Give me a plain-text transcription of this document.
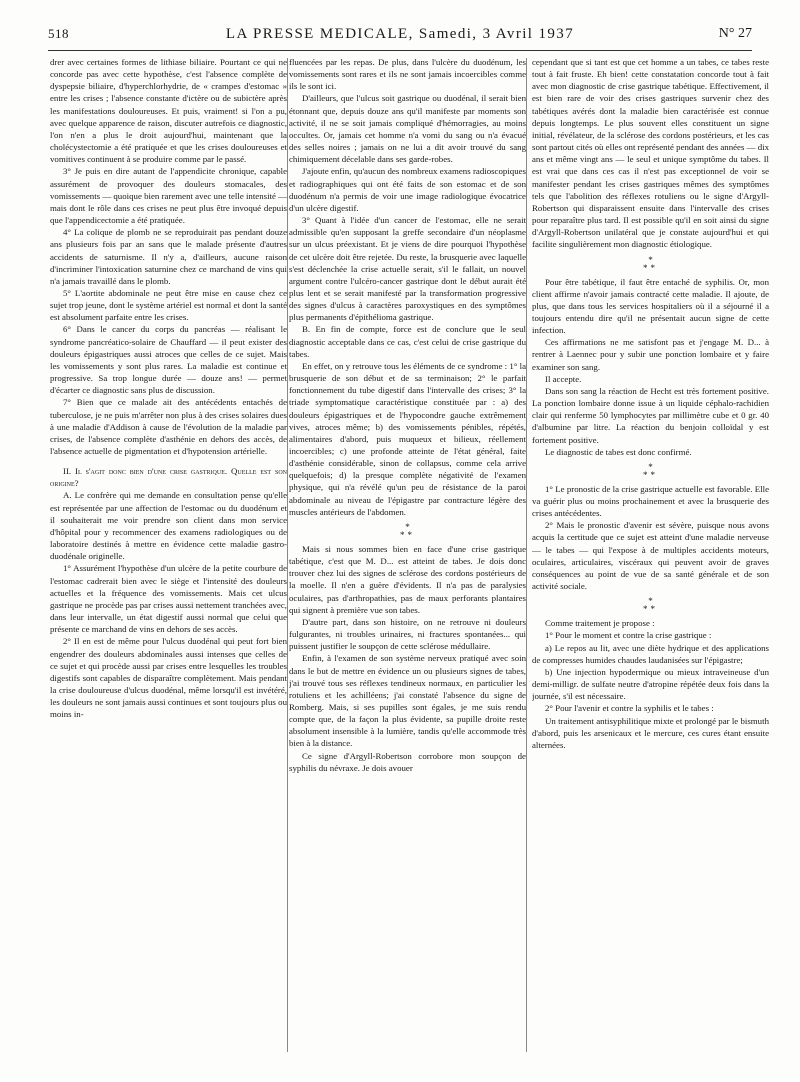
518	LA PRESSE MEDICALE, Samedi, 3 Avril 1937	N° 27

drer avec certaines formes de lithiase biliaire. Pourtant ce qui ne concorde pas avec cette hypothèse, c'est l'absence complète de dyspepsie biliaire, d'hyperchlorhydrie, de « crampes d'estomac » entre les crises ; l'absence constante d'ictère ou de subictère après les manifestations douloureuses. Et puis, vraiment! si l'on a pu, avec quelque apparence de raison, discuter autrefois ce diagnostic, l'on n'en a plus le droit aujourd'hui, maintenant que la cholécystectomie a été pratiquée et que les crises douloureuses et vomitives continuent à se produire comme par le passé.

3° Je puis en dire autant de l'appendicite chronique, capable assurément de provoquer des douleurs stomacales, des vomissements — quoique bien rarement avec une telle intensité — mais dont le rôle dans ces crises ne peut plus être invoqué depuis que l'appendicectomie a été pratiquée.

4° La colique de plomb ne se reproduirait pas pendant douze ans plusieurs fois par an sans que le malade présente d'autres accidents de saturnisme. Il n'y a, d'ailleurs, aucune raison d'incriminer l'intoxication saturnine chez ce marchand de vins qui n'a jamais travaillé dans le plomb.

5° L'aortite abdominale ne peut être mise en cause chez ce sujet trop jeune, dont le système artériel est normal et dont la santé est absolument parfaite entre les crises.

6° Dans le cancer du corps du pancréas — réalisant le syndrome pancréatico-solaire de Chauffard — il peut exister des douleurs épigastriques aussi atroces que celles de ce sujet. Mais les vomissements y sont plus rares. La maladie est continue et progressive. Sa trop longue durée — douze ans! — permet d'écarter ce diagnostic sans plus de discussion.

7° Bien que ce malade ait des antécédents entachés de tuberculose, je ne puis m'arrêter non plus à des crises solaires dues à une maladie d'Addison à cause de l'évolution de la maladie par crises, de l'absence complète d'asthénie en dehors des accès, de l'absence actuelle de pigmentation et d'hypotension artérielle.

II. Il s'agit donc bien d'une crise gastrique. Quelle est son origine?

A. Le confrère qui me demande en consultation pense qu'elle est représentée par une affection de l'estomac ou du duodénum et il souhaiterait me voir prendre son client dans mon service d'hôpital pour y recommencer des examens radiologiques ou de laboratoire destinés à mettre en évidence cette maladie gastro-duodénale originelle.

1° Assurément l'hypothèse d'un ulcère de la petite courbure de l'estomac cadrerait bien avec le siège et l'intensité des douleurs actuelles et la fréquence des vomissements. Mais cet ulcus gastrique ne procède pas par crises aussi nettement tranchées avec, dans leur intervalle, un état digestif aussi normal que celui que présente ce marchand de vins en dehors de ses accès.

2° Il en est de même pour l'ulcus duodénal qui peut fort bien engendrer des douleurs abdominales aussi intenses que celles de ce sujet et qui procède aussi par crises entre lesquelles les troubles digestifs sont capables de disparaître complètement. Mais pendant la crise douloureuse d'ulcus duodénal, même lorsqu'il est invétéré, les douleurs ne sont jamais aussi continues et sont toujours plus ou moins in-

fluencées par les repas. De plus, dans l'ulcère du duodénum, les vomissements sont rares et ils ne sont jamais incoercibles comme ils le sont ici.

D'ailleurs, que l'ulcus soit gastrique ou duodénal, il serait bien étonnant que, depuis douze ans qu'il manifeste par moments son activité, il ne se soit jamais compliqué d'hémorragies, au moins occultes. Or, jamais cet homme n'a vomi du sang ou n'a évacué des selles noires ; jamais on ne lui a dit avoir trouvé du sang chimiquement décelable dans ses garde-robes.

J'ajoute enfin, qu'aucun des nombreux examens radioscopiques et radiographiques qui ont été faits de son estomac et de son duodénum n'a permis de voir une image radiologique évocatrice d'un ulcère digestif.

3° Quant à l'idée d'un cancer de l'estomac, elle ne serait admissible qu'en supposant la greffe secondaire d'un néoplasme sur un ulcus préexistant. Et je viens de dire pourquoi l'hypothèse de cet ulcère doit être rejetée. Du reste, la brusquerie avec laquelle s'est déclenchée la crise actuelle serait, s'il le fallait, un nouvel argument contre l'ulcéro-cancer gastrique dont le début aurait été plus lent et se serait manifesté par la transformation progressive des signes d'ulcus à caractères paroxystiques en des symptômes plus permanents d'épithélioma gastrique.

B. En fin de compte, force est de conclure que le seul diagnostic acceptable dans ce cas, c'est celui de crise gastrique du tabes.

En effet, on y retrouve tous les éléments de ce syndrome : 1° la brusquerie de son début et de sa terminaison; 2° le parfait fonctionnement du tube digestif dans l'intervalle des crises; 3° la triade symptomatique caractéristique constituée par : a) des douleurs épigastriques et de l'hypocondre gauche extrêmement vives, atroces même; b) des vomissements pénibles, répétés, alimentaires d'abord, puis muqueux et bilieux, réellement incoercibles; c) une profonde atteinte de l'état général, faite d'asthénie considérable, sinon de collapsus, comme cela arrive quelquefois; d) la presque complète négativité de l'examen physique, qui n'a révélé qu'un peu de résistance de la paroi abdominale au niveau de l'épigastre par contracture légère des muscles antérieurs de l'abdomen.

*
**

Mais si nous sommes bien en face d'une crise gastrique tabétique, c'est que M. D... est atteint de tabes. Je dois donc trouver chez lui des signes de sclérose des cordons postérieurs de la moelle. Il n'en a guère d'évidents. Il n'a pas de paralysies oculaires, pas d'arthropathies, pas de maux perforants plantaires qui signent à première vue son tabes.

D'autre part, dans son histoire, on ne retrouve ni douleurs fulgurantes, ni troubles urinaires, ni fractures spontanées... qui puissent justifier le soupçon de cette sclérose médullaire.

Enfin, à l'examen de son système nerveux pratiqué avec soin dans le but de mettre en évidence un ou plusieurs signes de tabes, j'ai trouvé tous ses réflexes tendineux normaux, en particulier les rotuliens et les achilléens; j'ai constaté l'absence du signe de Romberg. Mais, si ses pupilles sont égales, je me suis rendu compte que, de la façon la plus évidente, sa pupille droite reste absolument insensible à la lumière, tandis qu'elle accommode très bien à la distance.

Ce signe d'Argyll-Robertson corrobore mon soupçon de syphilis du névraxe. Je dois avouer

cependant que si tant est que cet homme a un tabes, ce tabes reste tout à fait fruste. Eh bien! cette constatation concorde tout à fait avec mon diagnostic de crise gastrique tabétique. Effectivement, il est bien rare de voir des crises gastriques survenir chez des tabétiques avérés dont la maladie bien caractérisée est connue depuis longtemps. Le plus souvent elles constituent un signe initial, révélateur, de la sclérose des cordons postérieurs, et les cas sont partout cités où elles ont représenté pendant des années — dix ans et même vingt ans — le seul et unique symptôme du tabes. Il est vrai que dans ces cas il n'est pas exceptionnel de voir se manifester pendant les crises gastriques mêmes des symptômes tels que l'abolition des réflexes rotuliens ou le signe d'Argyll-Robertson qui disparaissent ensuite dans l'intervalle des crises pour reparaître plus tard. Il est possible qu'il en soit ainsi du signe d'Argyll-Robertson unilatéral que je constate aujourd'hui et qui facilite singulièrement mon diagnostic étiologique.

*
**

Pour être tabétique, il faut être entaché de syphilis. Or, mon client affirme n'avoir jamais contracté cette maladie. Il ajoute, de plus, que dans tous les services hospitaliers où il a séjourné il a toujours entendu dire qu'il ne présentait aucun signe de cette infection.

Ces affirmations ne me satisfont pas et j'engage M. D... à rentrer à Laennec pour y subir une ponction lombaire et y faire examiner son sang.

Il accepte.

Dans son sang la réaction de Hecht est très fortement positive. La ponction lombaire donne issue à un liquide céphalo-rachidien clair qui renferme 50 lymphocytes par millimètre cube et 0 gr. 40 d'albumine par litre. La réaction du benjoin colloïdal y est fortement positive.

Le diagnostic de tabes est donc confirmé.

*
**

1° Le pronostic de la crise gastrique actuelle est favorable. Elle va guérir plus ou moins prochainement et avec la brusquerie des crises antécédentes.

2° Mais le pronostic d'avenir est sévère, puisque nous avons acquis la certitude que ce sujet est atteint d'une maladie nerveuse — le tabes — qui l'expose à de multiples accidents moteurs, oculaires, articulaires, viscéraux qui peuvent avoir de graves conséquences au point de vue de sa santé générale et de son activité sociale.

*
**

Comme traitement je propose :

1° Pour le moment et contre la crise gastrique :

a) Le repos au lit, avec une diète hydrique et des applications de compresses humides chaudes laudanisées sur l'épigastre;

b) Une injection hypodermique ou mieux intraveineuse d'un demi-milligr. de sulfate neutre d'atropine répétée deux fois dans la journée, s'il est nécessaire.

2° Pour l'avenir et contre la syphilis et le tabes :

Un traitement antisyphilitique mixte et prolongé par le bismuth d'abord, puis les arsenicaux et le mercure, ces cures étant ensuite alternées.
